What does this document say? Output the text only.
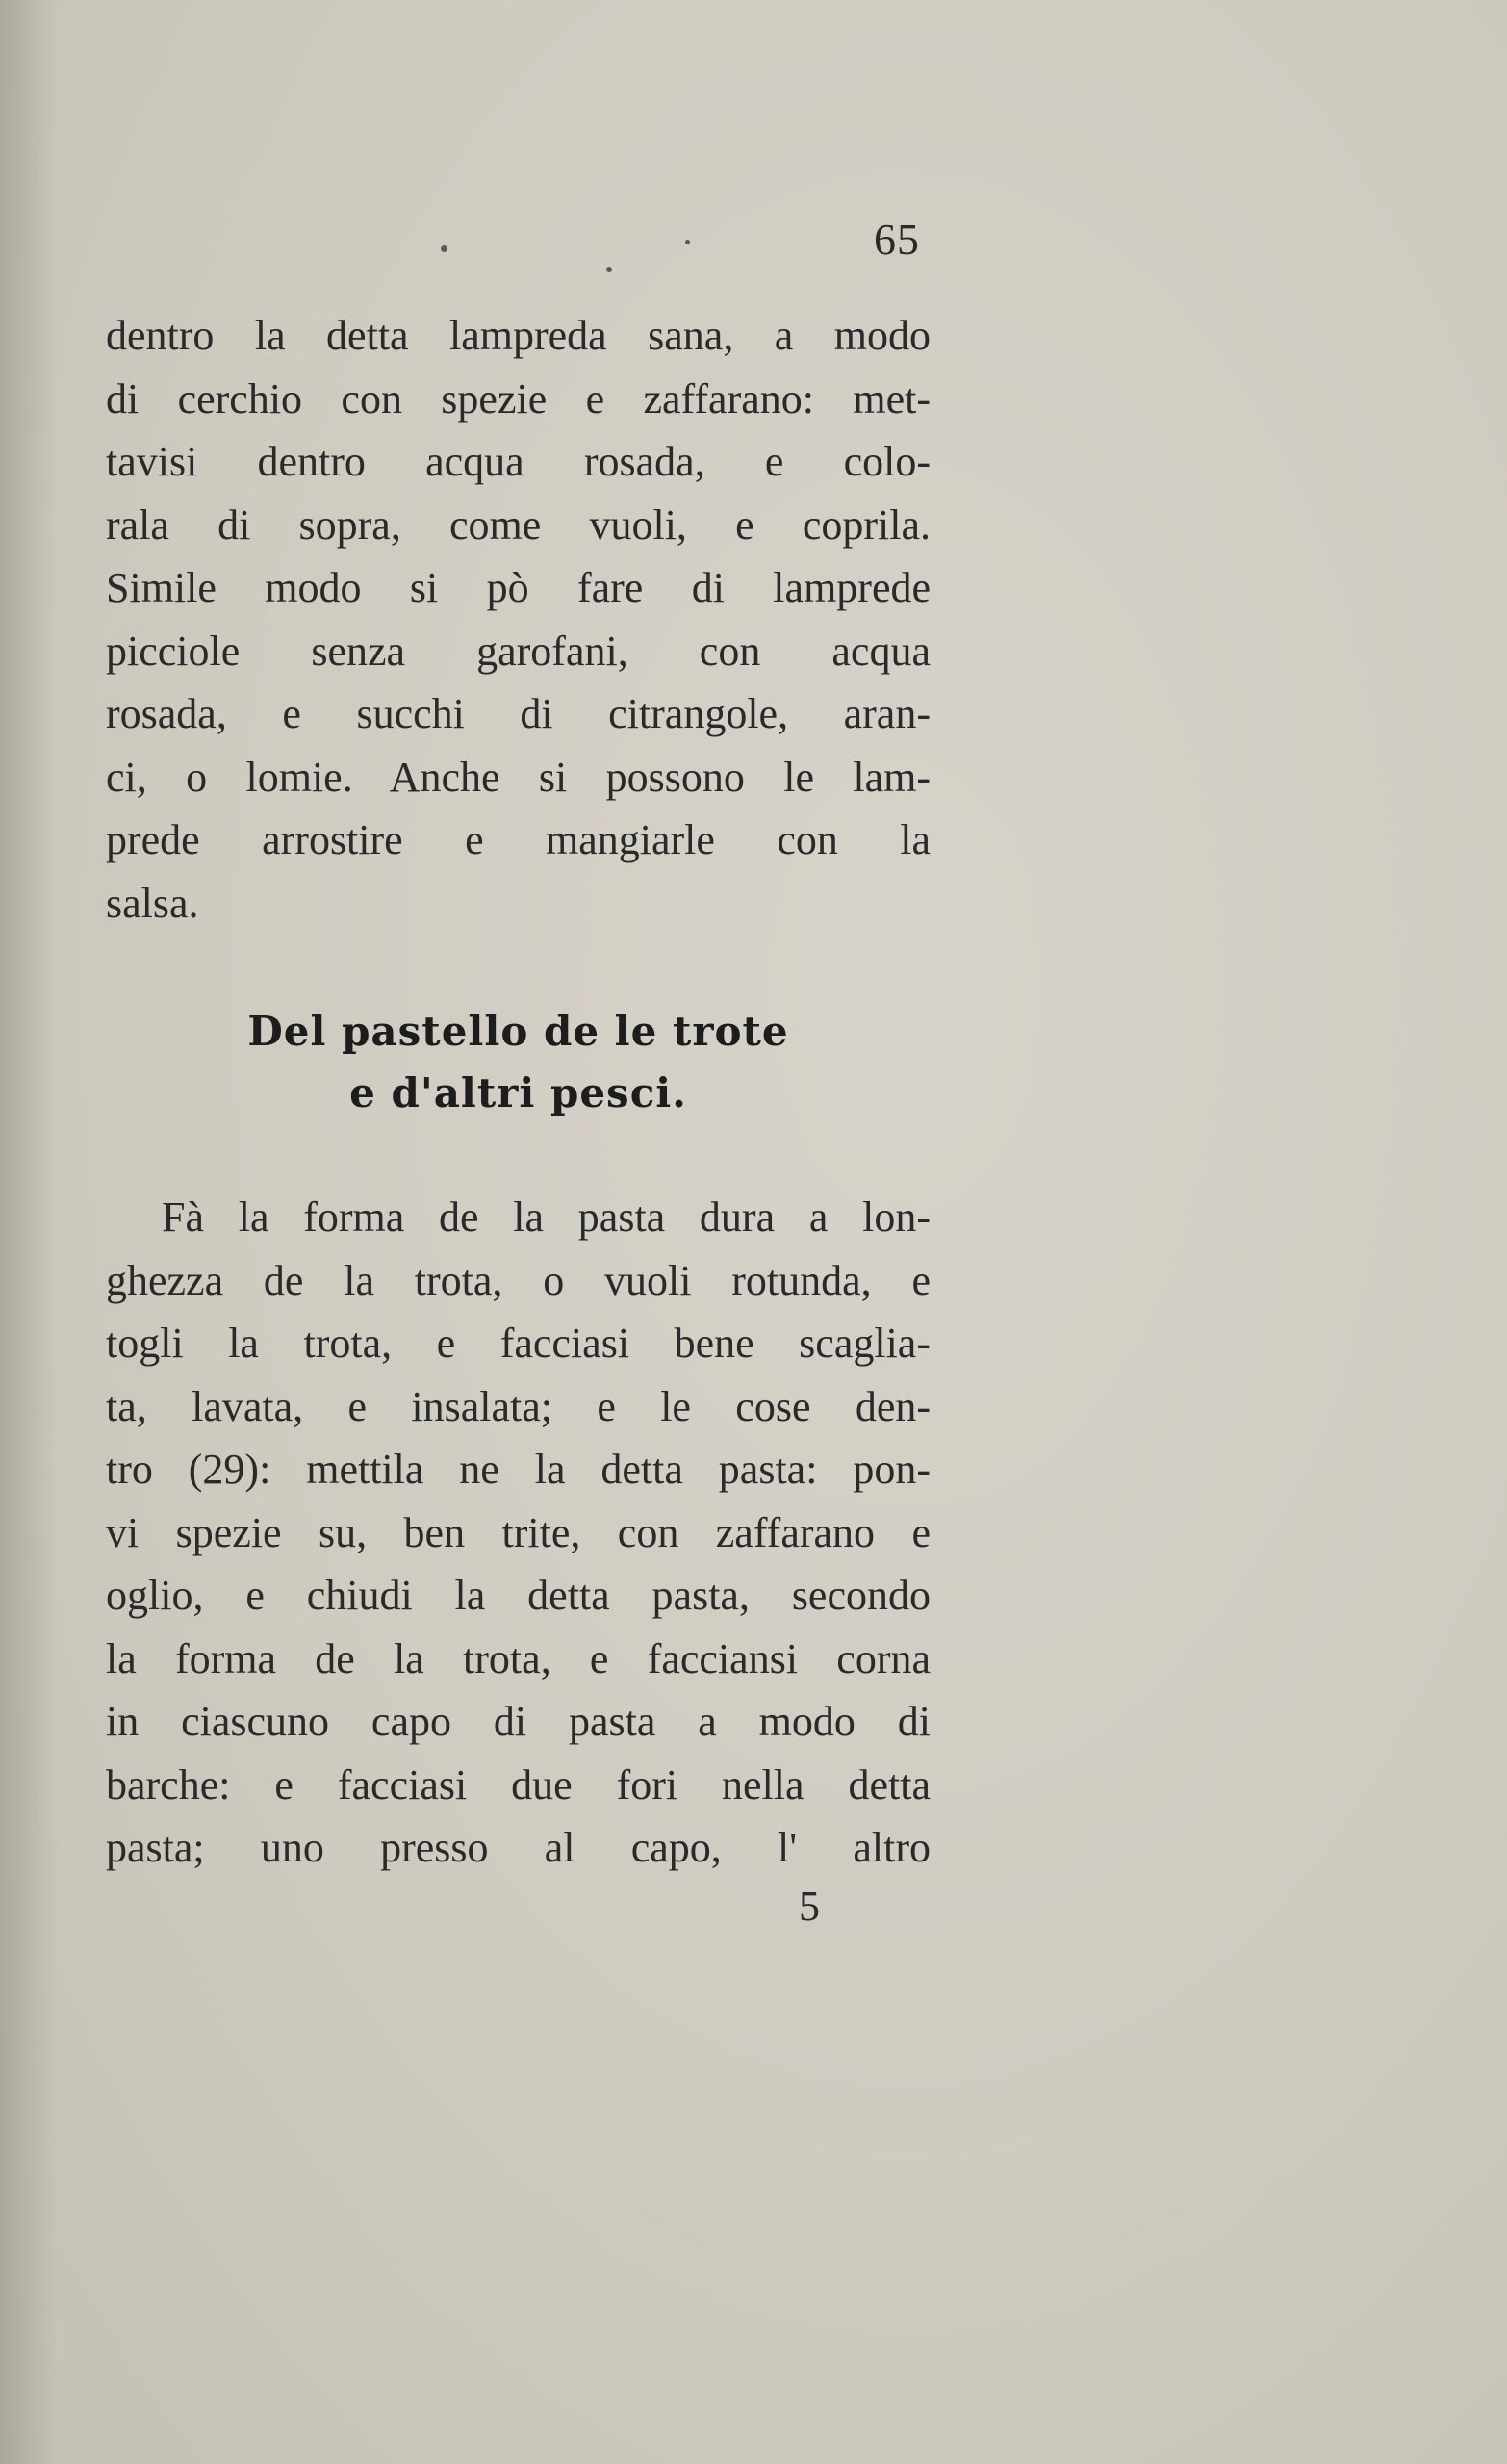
65
dentro la detta lampreda sana, a modo
di cerchio con spezie e zaffarano: met-
tavisi dentro acqua rosada, e colo-
rala di sopra, come vuoli, e coprila.
Simile modo si pò fare di lamprede
picciole senza garofani, con acqua
rosada, e succhi di citrangole, aran-
ci, o lomie. Anche si possono le lam-
prede arrostire e mangiarle con la
salsa.
Del pastello de le trote
e d'altri pesci.
Fà la forma de la pasta dura a lon-
ghezza de la trota, o vuoli rotunda, e
togli la trota, e facciasi bene scaglia-
ta, lavata, e insalata; e le cose den-
tro (29): mettila ne la detta pasta: pon-
vi spezie su, ben trite, con zaffarano e
oglio, e chiudi la detta pasta, secondo
la forma de la trota, e facciansi corna
in ciascuno capo di pasta a modo di
barche: e facciasi due fori nella detta
pasta; uno presso al capo, l' altro
5
